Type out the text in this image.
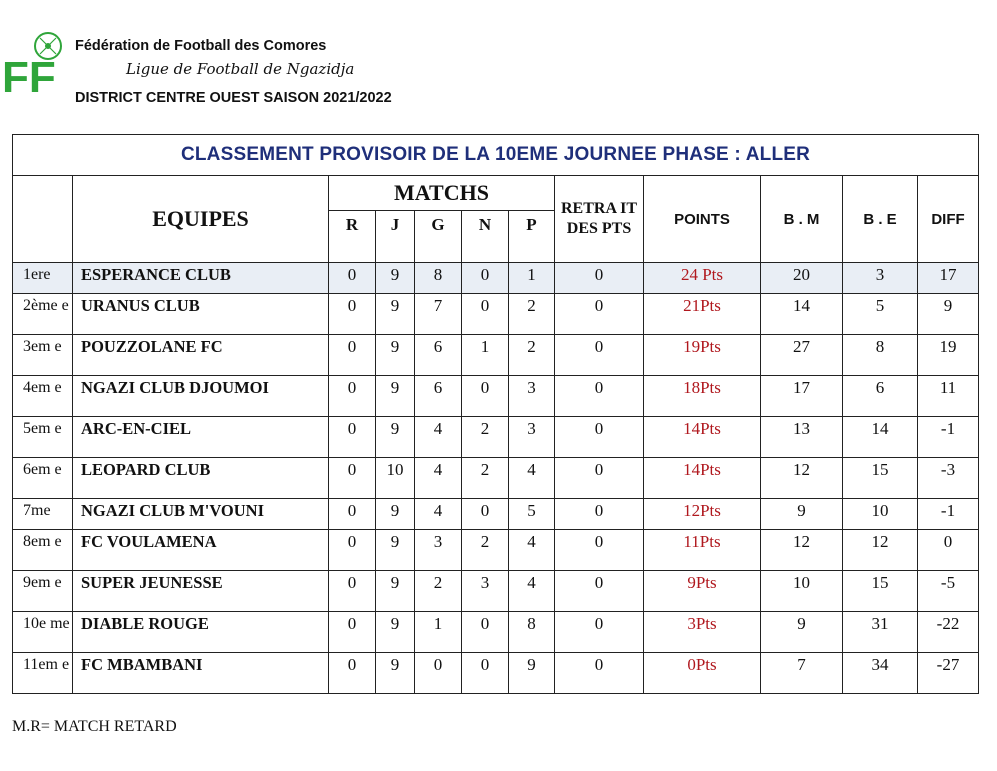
FF
Fédération de Football des Comores
Ligue de Football de Ngazidja
DISTRICT CENTRE OUEST SAISON 2021/2022
CLASSEMENT PROVISOIR DE LA 10EME JOURNEE PHASE : ALLER											
	EQUIPES	MATCHS					RETRA IT DES PTS	POINTS	B . M	B . E	DIFF
		R	J	G	N	P					
1ere	ESPERANCE CLUB	0	9	8	0	1	0	24 Pts	20	3	17
2ème e	URANUS CLUB	0	9	7	0	2	0	21Pts	14	5	9
3em e	POUZZOLANE FC	0	9	6	1	2	0	19Pts	27	8	19
4em e	NGAZI CLUB DJOUMOI	0	9	6	0	3	0	18Pts	17	6	11
5em e	ARC-EN-CIEL	0	9	4	2	3	0	14Pts	13	14	-1
6em e	LEOPARD CLUB	0	10	4	2	4	0	14Pts	12	15	-3
7me	NGAZI CLUB M'VOUNI	0	9	4	0	5	0	12Pts	9	10	-1
8em e	FC VOULAMENA	0	9	3	2	4	0	11Pts	12	12	0
9em e	SUPER JEUNESSE	0	9	2	3	4	0	9Pts	10	15	-5
10e me	DIABLE ROUGE	0	9	1	0	8	0	3Pts	9	31	-22
11em e	FC MBAMBANI	0	9	0	0	9	0	0Pts	7	34	-27
M.R= MATCH RETARD
